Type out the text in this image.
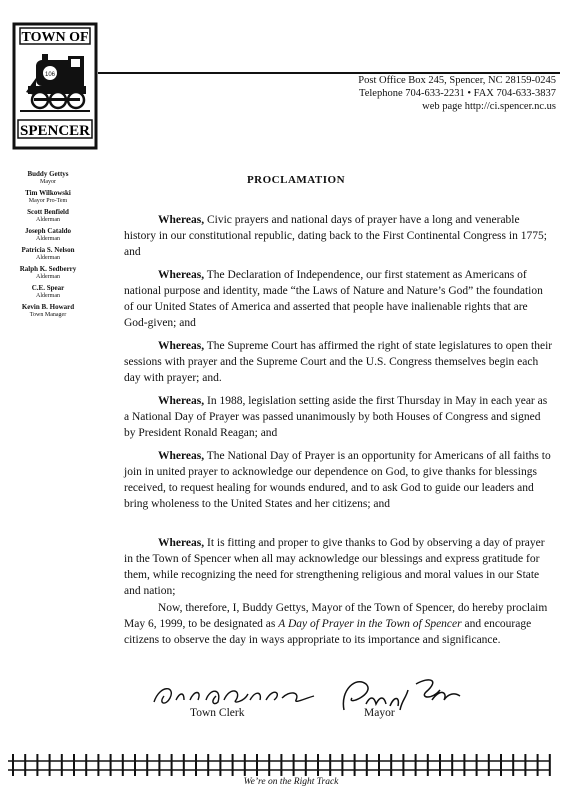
TOWN OF
106
SPENCER
Post Office Box 245, Spencer, NC 28159-0245
Telephone 704-633-2231 • FAX 704-633-3837
web page http://ci.spencer.nc.us
Buddy Gettys
Mayor
Tim Wilkowski
Mayor Pro-Tem
Scott Benfield
Alderman
Joseph Cataldo
Alderman
Patricia S. Nelson
Alderman
Ralph K. Sedberry
Alderman
C.E. Spear
Alderman
Kevin B. Howard
Town Manager
PROCLAMATION
Whereas, Civic prayers and national days of prayer have a long and venerable history in our constitutional republic, dating back to the First Continental Congress in 1775; and
Whereas, The Declaration of Independence, our first statement as Americans of national purpose and identity, made “the Laws of Nature and Nature’s God” the foundation of our United States of America and asserted that people have inalienable rights that are God-given; and
Whereas, The Supreme Court has affirmed the right of state legislatures to open their sessions with prayer and the Supreme Court and the U.S. Congress themselves begin each day with prayer; and.
Whereas, In 1988, legislation setting aside the first Thursday in May in each year as a National Day of Prayer was passed unanimously by both Houses of Congress and signed by President Ronald Reagan; and
Whereas, The National Day of Prayer is an opportunity for Americans of all faiths to join in united prayer to acknowledge our dependence on God, to give thanks for blessings received, to request healing for wounds endured, and to ask God to guide our leaders and bring wholeness to the United States and her citizens; and
Whereas, It is fitting and proper to give thanks to God by observing a day of prayer in the Town of Spencer when all may acknowledge our blessings and express gratitude for them, while recognizing the need for strengthening religious and moral values in our State and nation;
Now, therefore, I, Buddy Gettys, Mayor of the Town of Spencer, do hereby proclaim May 6, 1999, to be designated as A Day of Prayer in the Town of Spencer and encourage citizens to observe the day in ways appropriate to its importance and significance.
Town Clerk	Mayor
We’re on the Right Track
